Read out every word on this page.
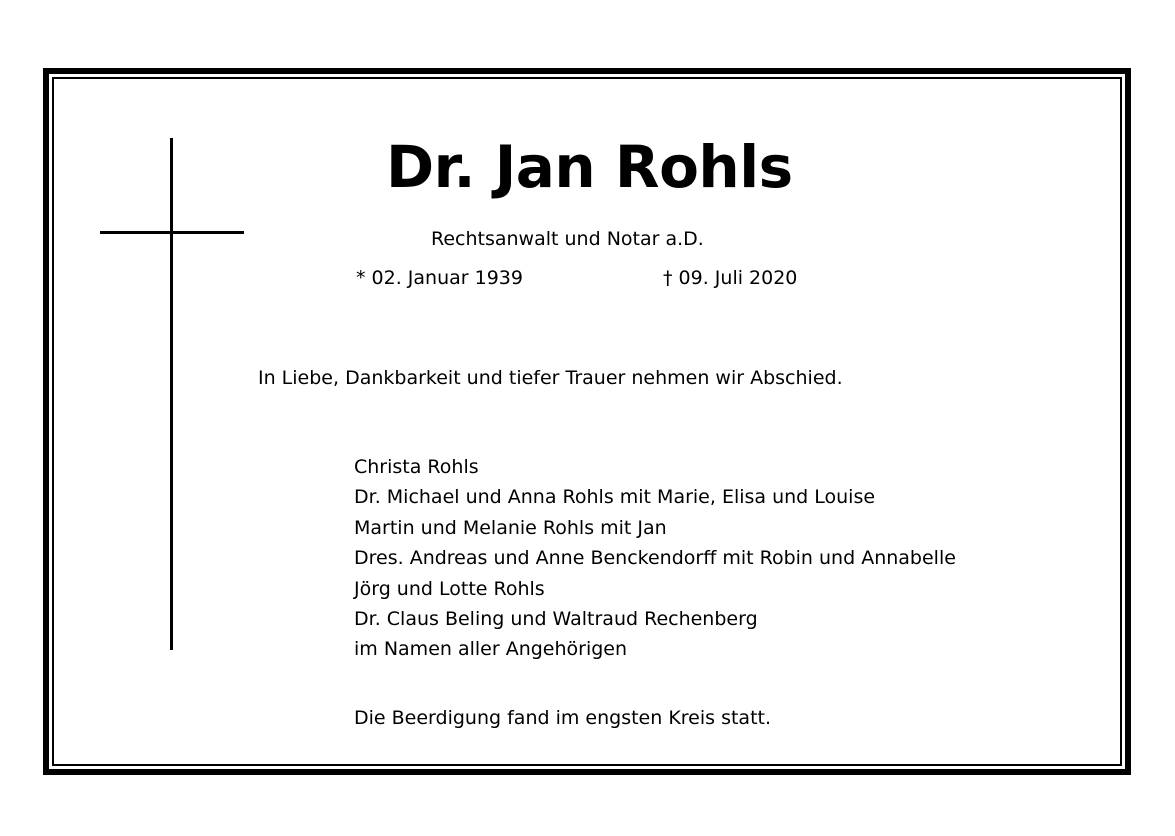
Dr. Jan Rohls
Rechtsanwalt und Notar a.D.
* 02. Januar 1939	† 09. Juli 2020
In Liebe, Dankbarkeit und tiefer Trauer nehmen wir Abschied.
Christa Rohls
Dr. Michael und Anna Rohls mit Marie, Elisa und Louise
Martin und Melanie Rohls mit Jan
Dres. Andreas und Anne Benckendorff mit Robin und Annabelle
Jörg und Lotte Rohls
Dr. Claus Beling und Waltraud Rechenberg
im Namen aller Angehörigen
Die Beerdigung fand im engsten Kreis statt.
